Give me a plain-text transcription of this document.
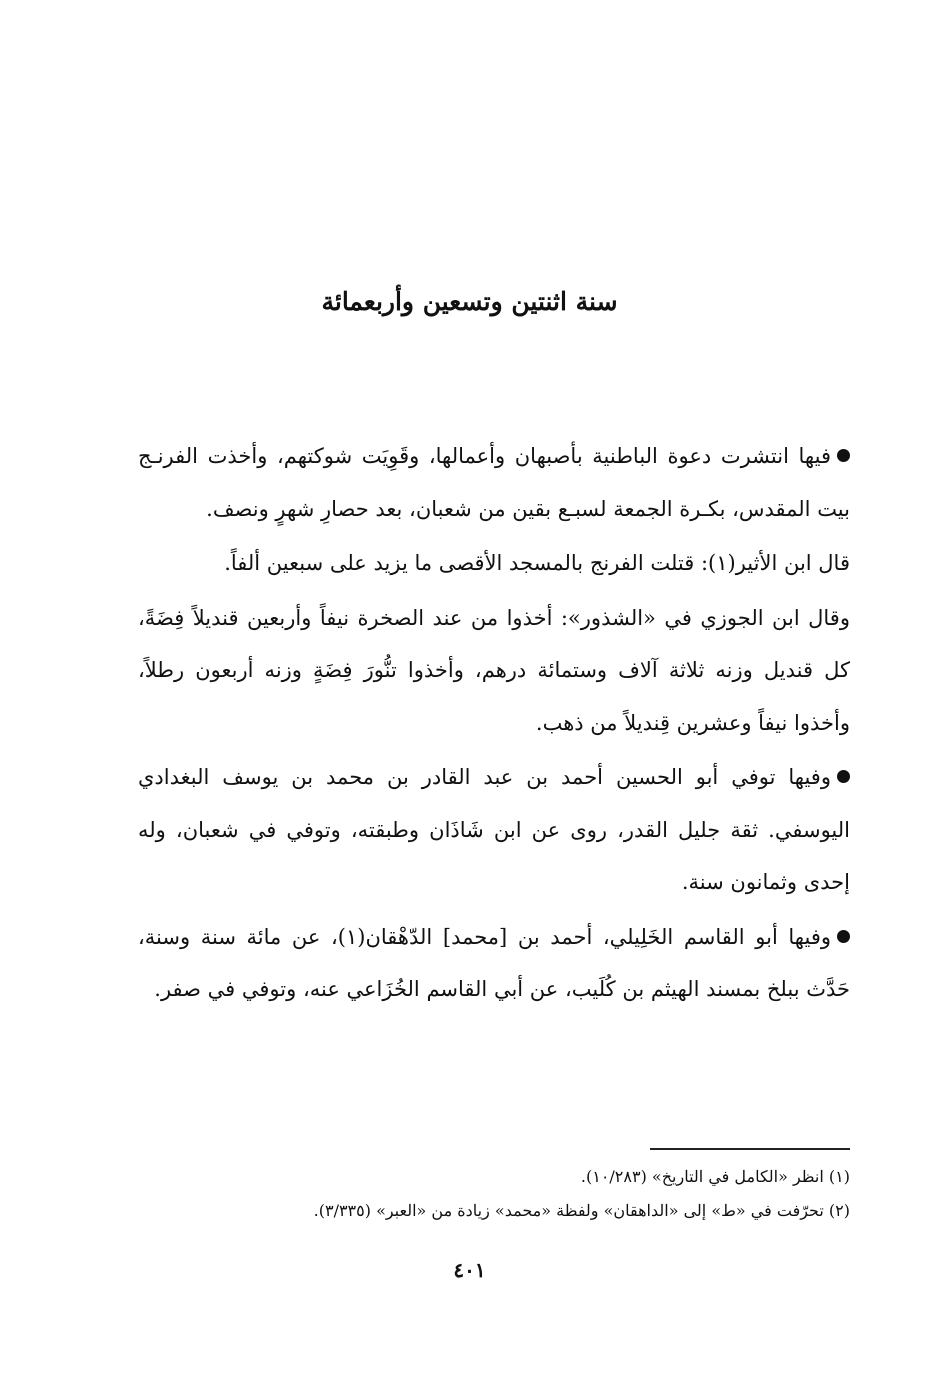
سنة اثنتين وتسعين وأربعمائة

فيها انتشرت دعوة الباطنية بأصبهان وأعمالها، وقَوِيَت شوكتهم، وأخذت الفرنـج بيت المقدس، بكـرة الجمعة لسبـع بقين من شعبان، بعد حصارِ شهرٍ ونصف.

قال ابن الأثير(١): قتلت الفرنج بالمسجد الأقصى ما يزيد على سبعين ألفاً.

وقال ابن الجوزي في «الشذور»: أخذوا من عند الصخرة نيفاً وأربعين قنديلاً فِضَةً، كل قنديل وزنه ثلاثة آلاف وستمائة درهم، وأخذوا تنُّورَ فِضَةٍ وزنه أربعون رطلاً، وأخذوا نيفاً وعشرين قِنديلاً من ذهب.

وفيها توفي أبو الحسين أحمد بن عبد القادر بن محمد بن يوسف البغدادي اليوسفي. ثقة جليل القدر، روى عن ابن شَاذَان وطبقته، وتوفي في شعبان، وله إحدى وثمانون سنة.

وفيها أبو القاسم الخَلِيلي، أحمد بن [محمد] الدّهْقان(١)، عن مائة سنة وسنة، حَدَّث ببلخ بمسند الهيثم بن كُلَيب، عن أبي القاسم الخُزَاعي عنه، وتوفي في صفر.

(١) انظر «الكامل في التاريخ» (١٠/٢٨٣).

(٢) تحرّفت في «ط» إلى «الداهقان» ولفظة «محمد» زيادة من «العبر» (٣/٣٣٥).

٤٠١
